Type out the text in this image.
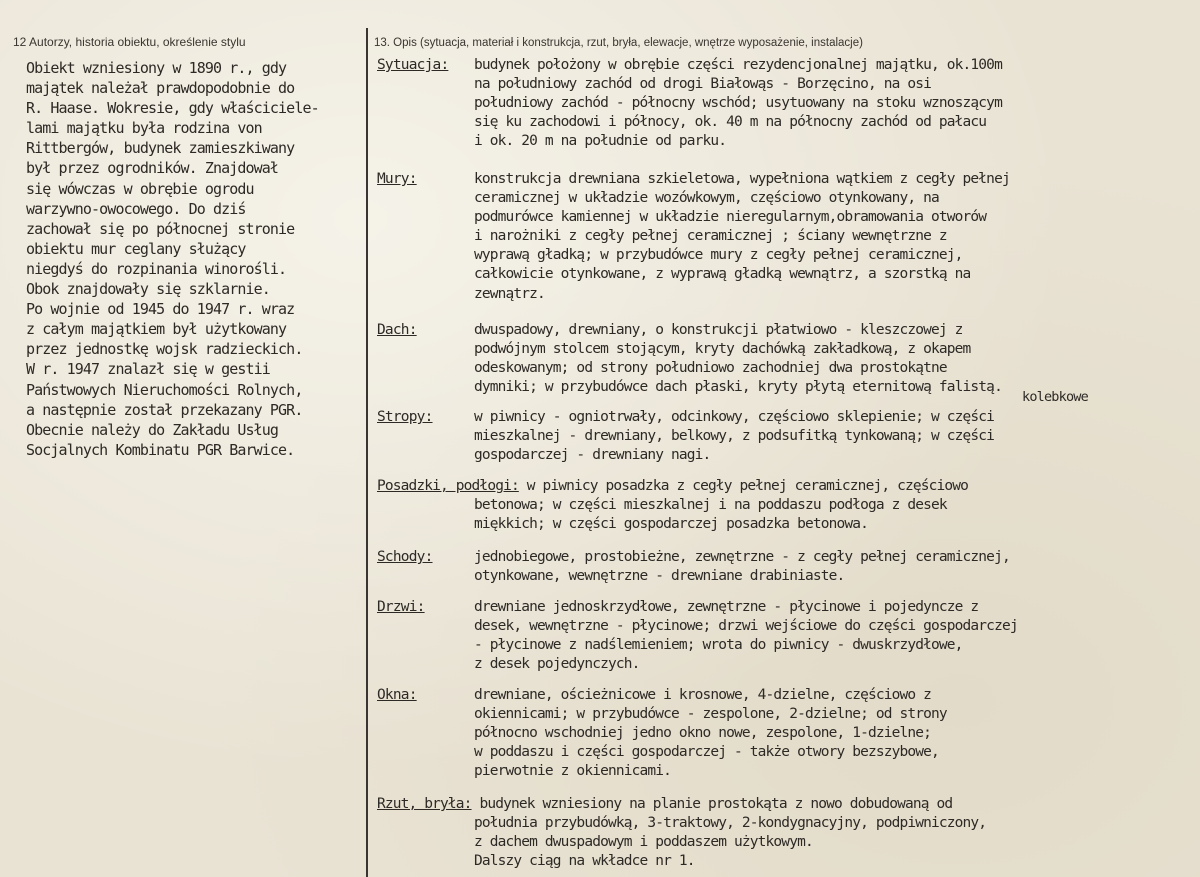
12 Autorzy, historia obiektu, określenie stylu	13. Opis (sytuacja, materiał i konstrukcja, rzut, bryła, elewacje, wnętrze wyposażenie, instalacje)
Obiekt wzniesiony w 1890 r., gdy
majątek należał prawdopodobnie do
R. Haase. Wokresie, gdy właściciele-
lami majątku była rodzina von
Rittbergów, budynek zamieszkiwany
był przez ogrodników. Znajdował
się wówczas w obrębie ogrodu
warzywno-owocowego. Do dziś
zachował się po północnej stronie
obiektu mur ceglany służący
niegdyś do rozpinania winorośli.
Obok znajdowały się szklarnie.
Po wojnie od 1945 do 1947 r. wraz
z całym majątkiem był użytkowany
przez jednostkę wojsk radzieckich.
W r. 1947 znalazł się w gestii
Państwowych Nieruchomości Rolnych,
a następnie został przekazany PGR.
Obecnie należy do Zakładu Usług
Socjalnych Kombinatu PGR Barwice.
Sytuacja: budynek położony w obrębie części rezydencjonalnej majątku, ok.100m
na południowy zachód od drogi Białowąs - Borzęcino, na osi
południowy zachód - północny wschód; usytuowany na stoku wznoszącym
się ku zachodowi i północy, ok. 40 m na północny zachód od pałacu
i ok. 20 m na południe od parku.
Mury:	konstrukcja drewniana szkieletowa, wypełniona wątkiem z cegły pełnej
ceramicznej w układzie wozówkowym, częściowo otynkowany, na
podmurówce kamiennej w układzie nieregularnym,obramowania otworów
i narożniki z cegły pełnej ceramicznej ; ściany wewnętrzne z
wyprawą gładką; w przybudówce mury z cegły pełnej ceramicznej,
całkowicie otynkowane, z wyprawą gładką wewnątrz, a szorstką na
zewnątrz.
Dach:	dwuspadowy, drewniany, o konstrukcji płatwiowo - kleszczowej z
podwójnym stolcem stojącym, kryty dachówką zakładkową, z okapem
odeskowanym; od strony południowo zachodniej dwa prostokątne
dymniki; w przybudówce dach płaski, kryty płytą eternitową falistą.
Stropy:	w piwnicy - ogniotrwały, odcinkowy, częściowo sklepienie; w części
mieszkalnej - drewniany, belkowy, z podsufitką tynkowaną; w części
gospodarczej - drewniany nagi.
kolebkowe
Posadzki, podłogi: w piwnicy posadzka z cegły pełnej ceramicznej, częściowo
betonowa; w części mieszkalnej i na poddaszu podłoga z desek
miękkich; w części gospodarczej posadzka betonowa.
Schody:	jednobiegowe, prostobieżne, zewnętrzne - z cegły pełnej ceramicznej,
otynkowane, wewnętrzne - drewniane drabiniaste.
Drzwi:	drewniane jednoskrzydłowe, zewnętrzne - płycinowe i pojedyncze z
desek, wewnętrzne - płycinowe; drzwi wejściowe do części gospodarczej
- płycinowe z nadślemieniem; wrota do piwnicy - dwuskrzydłowe,
z desek pojedynczych.
Okna:	drewniane, ościeżnicowe i krosnowe, 4-dzielne, częściowo z
okiennicami; w przybudówce - zespolone, 2-dzielne; od strony
północno wschodniej jedno okno nowe, zespolone, 1-dzielne;
w poddaszu i części gospodarczej - także otwory bezszybowe,
pierwotnie z okiennicami.
Rzut, bryła: budynek wzniesiony na planie prostokąta z nowo dobudowaną od
południa przybudówką, 3-traktowy, 2-kondygnacyjny, podpiwniczony,
z dachem dwuspadowym i poddaszem użytkowym.
Dalszy ciąg na wkładce nr 1.
